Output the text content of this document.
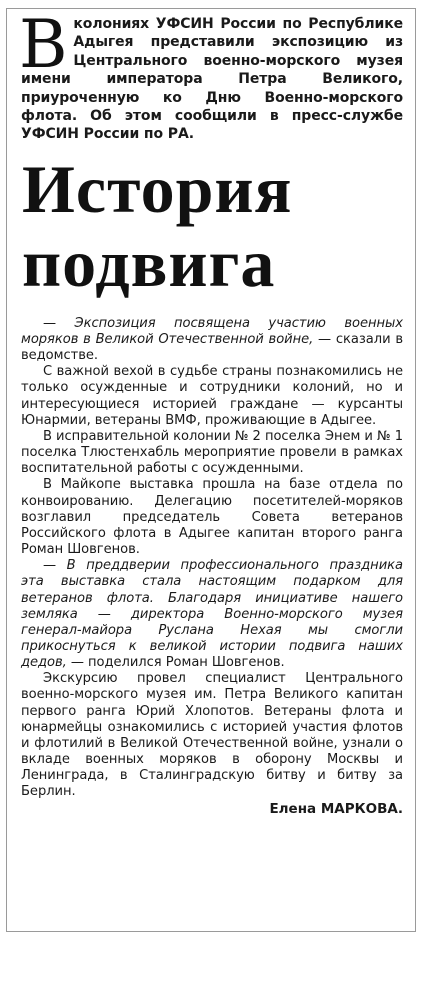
В колониях УФСИН России по Республике Адыгея представили экспозицию из Центрального военно-морского музея имени императора Петра Великого, приуроченную ко Дню Военно-морского флота. Об этом сообщили в пресс-службе УФСИН России по РА.

История
подвига

— Экспозиция посвящена участию военных моряков в Великой Отечественной войне, — сказали в ведомстве.

С важной вехой в судьбе страны познакомились не только осужденные и сотрудники колоний, но и интересующиеся историей граждане — курсанты Юнармии, ветераны ВМФ, проживающие в Адыгее.

В исправительной колонии № 2 поселка Энем и № 1 поселка Тлюстенхабль мероприятие провели в рамках воспитательной работы с осужденными.

В Майкопе выставка прошла на базе отдела по конвоированию. Делегацию посетителей-моряков возглавил председатель Совета ветеранов Российского флота в Адыгее капитан второго ранга Роман Шовгенов.

— В преддверии профессионального праздника эта выставка стала настоящим подарком для ветеранов флота. Благодаря инициативе нашего земляка — директора Военно-морского музея генерал-майора Руслана Нехая мы смогли прикоснуться к великой истории подвига наших дедов, — поделился Роман Шовгенов.

Экскурсию провел специалист Центрального военно-морского музея им. Петра Великого капитан первого ранга Юрий Хлопотов. Ветераны флота и юнармейцы ознакомились с историей участия флотов и флотилий в Великой Отечественной войне, узнали о вкладе военных моряков в оборону Москвы и Ленинграда, в Сталинградскую битву и битву за Берлин.

Елена МАРКОВА.
